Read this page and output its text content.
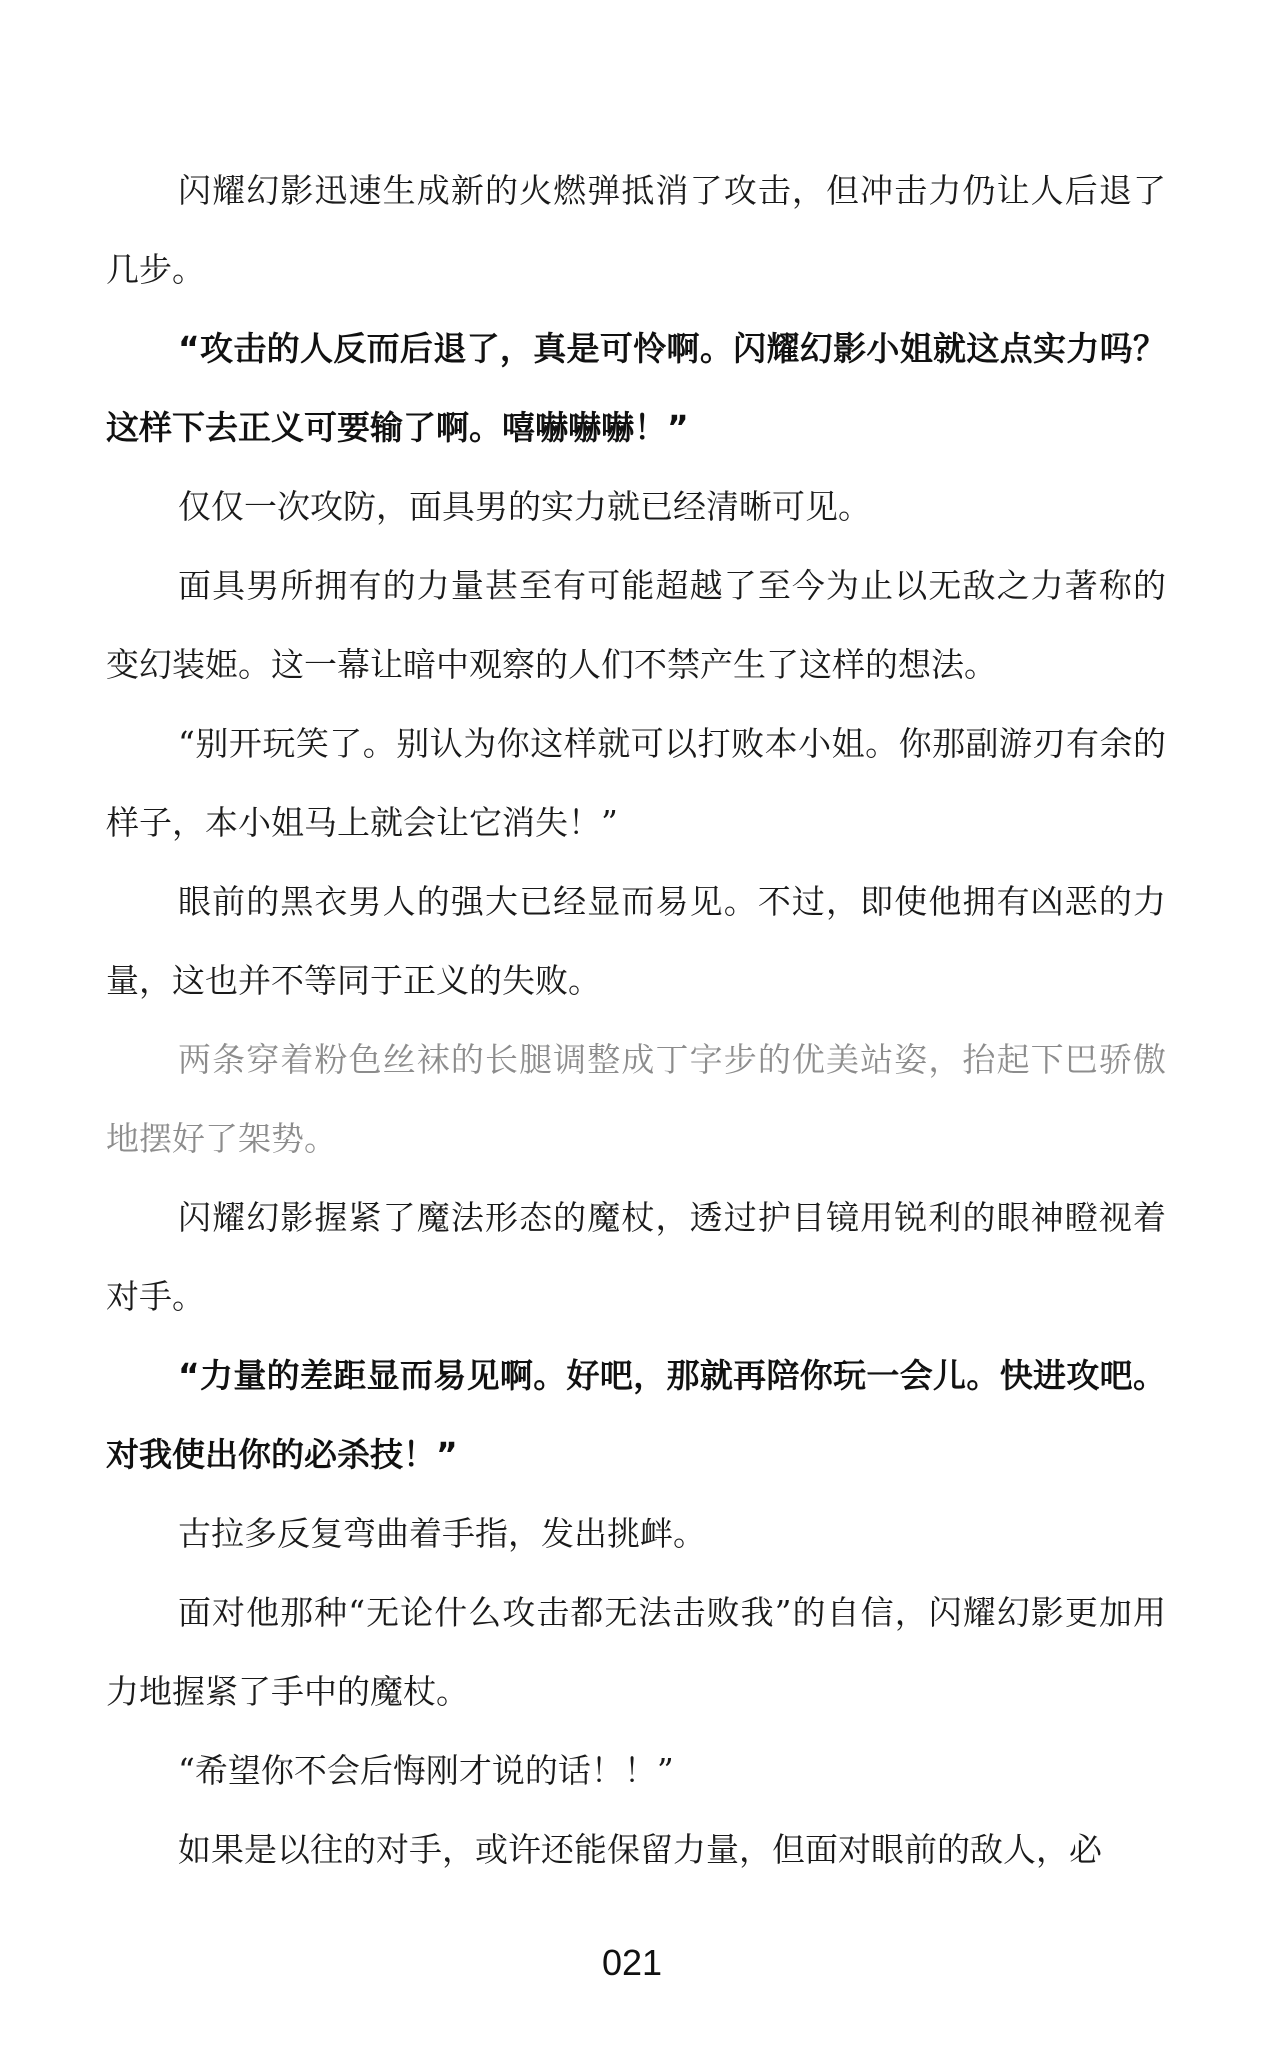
闪耀幻影迅速生成新的火燃弹抵消了攻击，但冲击力仍让人后退了几步。

“攻击的人反而后退了，真是可怜啊。闪耀幻影小姐就这点实力吗？这样下去正义可要输了啊。嘻嚇嚇嚇！”

仅仅一次攻防，面具男的实力就已经清晰可见。

面具男所拥有的力量甚至有可能超越了至今为止以无敌之力著称的变幻装姫。这一幕让暗中观察的人们不禁产生了这样的想法。

“别开玩笑了。别认为你这样就可以打败本小姐。你那副游刃有余的样子，本小姐马上就会让它消失！”

眼前的黑衣男人的强大已经显而易见。不过，即使他拥有凶恶的力量，这也并不等同于正义的失败。

两条穿着粉色丝袜的长腿调整成丁字步的优美站姿，抬起下巴骄傲地摆好了架势。

闪耀幻影握紧了魔法形态的魔杖，透过护目镜用锐利的眼神瞪视着对手。

“力量的差距显而易见啊。好吧，那就再陪你玩一会儿。快进攻吧。对我使出你的必杀技！”

古拉多反复弯曲着手指，发出挑衅。

面对他那种“无论什么攻击都无法击败我”的自信，闪耀幻影更加用力地握紧了手中的魔杖。

“希望你不会后悔刚才说的话！！”

如果是以往的对手，或许还能保留力量，但面对眼前的敌人，必

021
